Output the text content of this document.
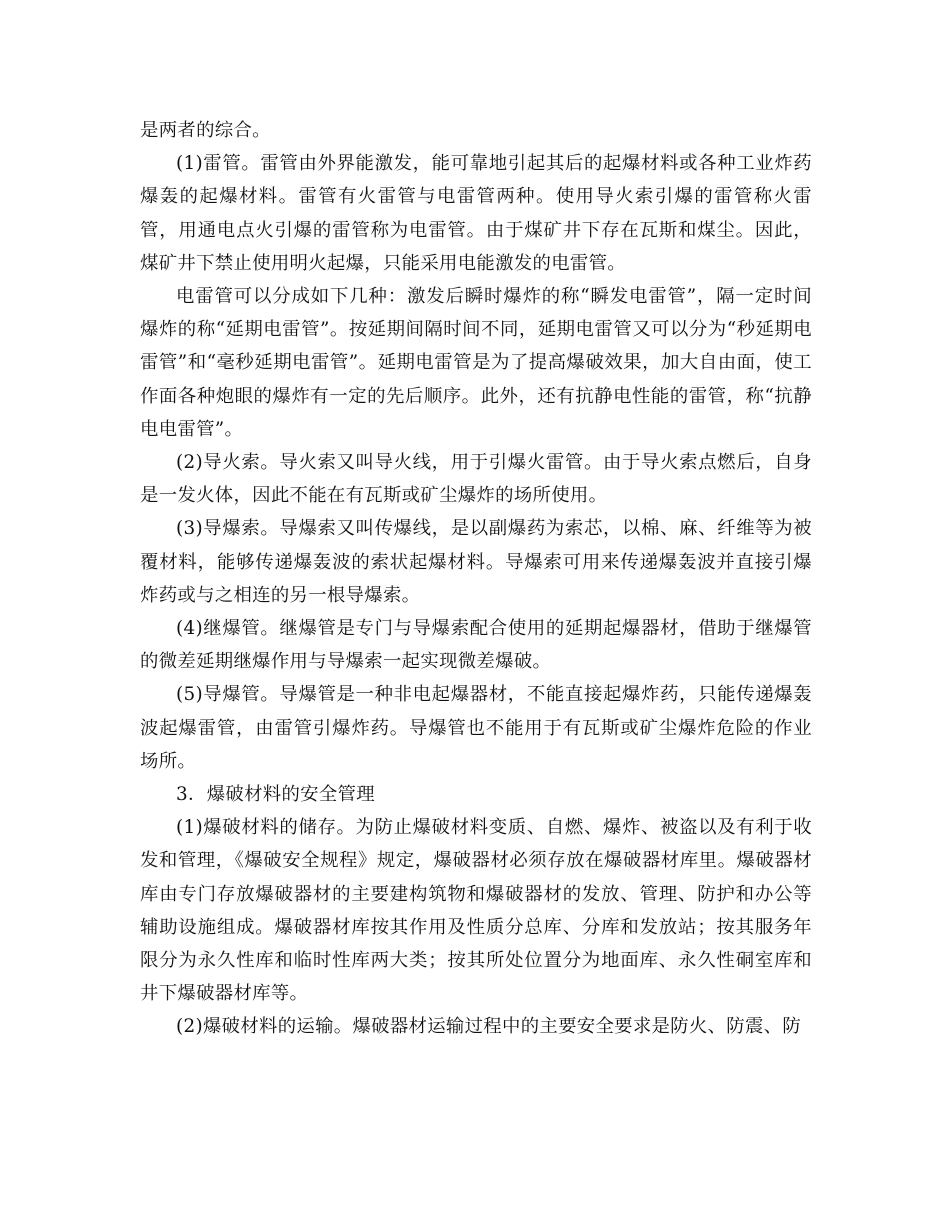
是两者的综合。

(1)雷管。雷管由外界能激发，能可靠地引起其后的起爆材料或各种工业炸药爆轰的起爆材料。雷管有火雷管与电雷管两种。使用导火索引爆的雷管称火雷管，用通电点火引爆的雷管称为电雷管。由于煤矿井下存在瓦斯和煤尘。因此，煤矿井下禁止使用明火起爆，只能采用电能激发的电雷管。

电雷管可以分成如下几种：激发后瞬时爆炸的称“瞬发电雷管”，隔一定时间爆炸的称“延期电雷管”。按延期间隔时间不同，延期电雷管又可以分为“秒延期电雷管”和“毫秒延期电雷管”。延期电雷管是为了提高爆破效果，加大自由面，使工作面各种炮眼的爆炸有一定的先后顺序。此外，还有抗静电性能的雷管，称“抗静电电雷管”。

(2)导火索。导火索又叫导火线，用于引爆火雷管。由于导火索点燃后，自身是一发火体，因此不能在有瓦斯或矿尘爆炸的场所使用。

(3)导爆索。导爆索又叫传爆线，是以副爆药为索芯，以棉、麻、纤维等为被覆材料，能够传递爆轰波的索状起爆材料。导爆索可用来传递爆轰波并直接引爆炸药或与之相连的另一根导爆索。

(4)继爆管。继爆管是专门与导爆索配合使用的延期起爆器材，借助于继爆管的微差延期继爆作用与导爆索一起实现微差爆破。

(5)导爆管。导爆管是一种非电起爆器材，不能直接起爆炸药，只能传递爆轰波起爆雷管，由雷管引爆炸药。导爆管也不能用于有瓦斯或矿尘爆炸危险的作业场所。

3．爆破材料的安全管理

(1)爆破材料的储存。为防止爆破材料变质、自燃、爆炸、被盗以及有利于收发和管理，《爆破安全规程》规定，爆破器材必须存放在爆破器材库里。爆破器材库由专门存放爆破器材的主要建构筑物和爆破器材的发放、管理、防护和办公等辅助设施组成。爆破器材库按其作用及性质分总库、分库和发放站；按其服务年限分为永久性库和临时性库两大类；按其所处位置分为地面库、永久性硐室库和井下爆破器材库等。

(2)爆破材料的运输。爆破器材运输过程中的主要安全要求是防火、防震、防
